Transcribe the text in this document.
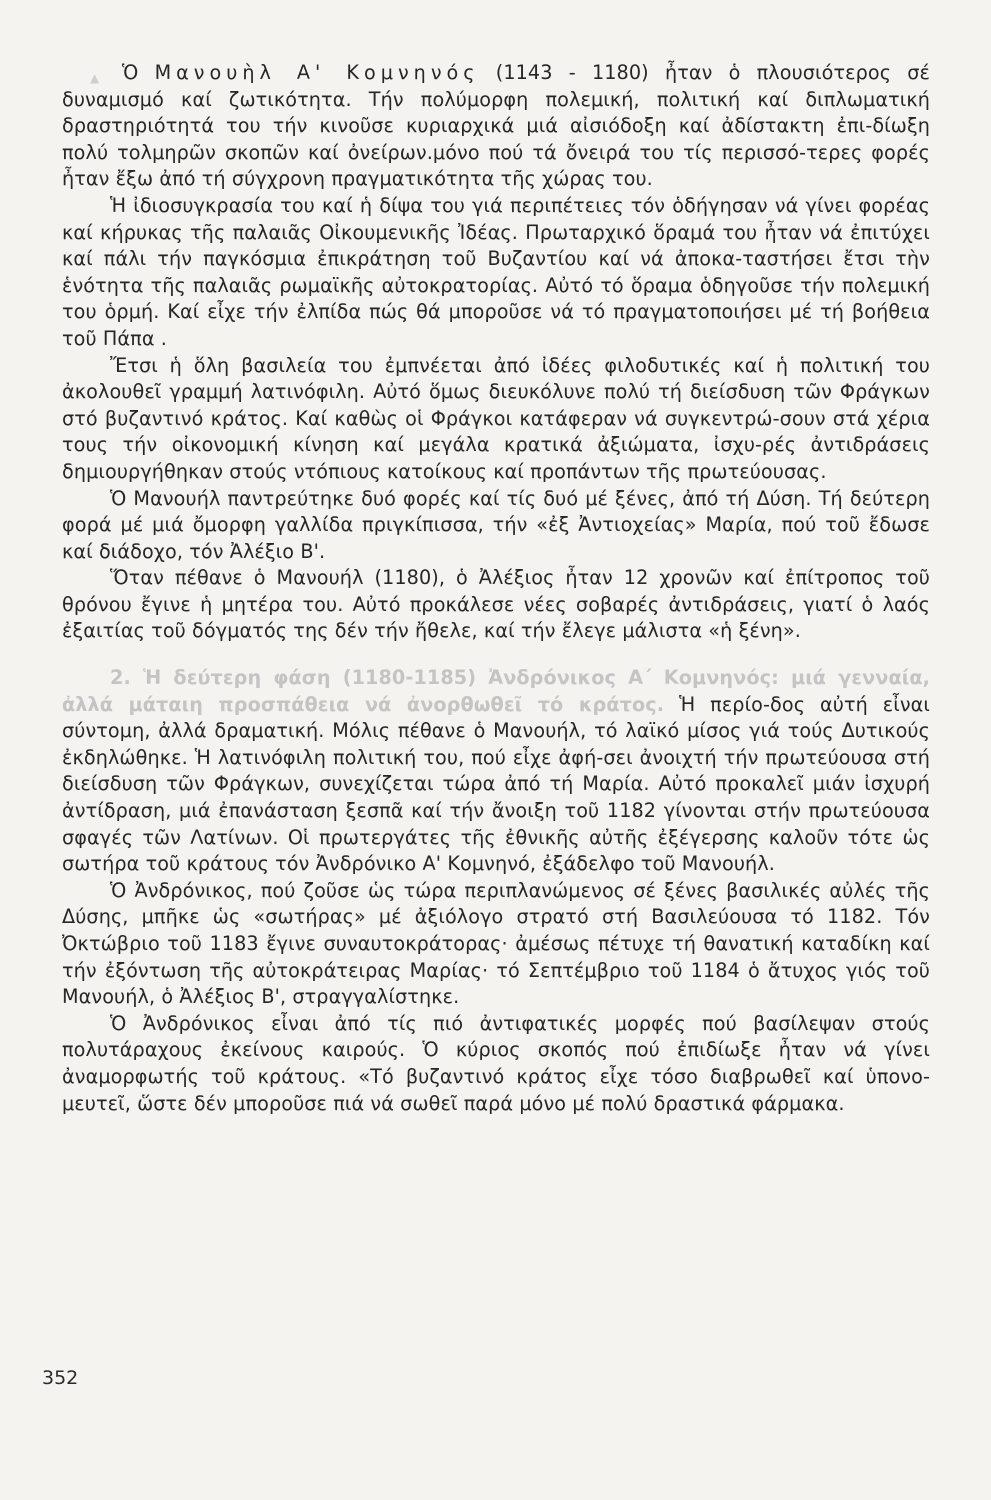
▲	Ὁ Μανουὴλ Α' Κομνηνός (1143 - 1180) ἦταν ὁ πλουσιότερος σέ δυναμισμό καί ζωτικότητα. Τήν πολύμορφη πολεμική, πολιτική καί διπλωματική δραστηριότητά του τήν κινοῦσε κυριαρχικά μιά αἰσιόδοξη καί ἀδίστακτη ἐπι-δίωξη πολύ τολμηρῶν σκοπῶν καί ὀνείρων.μόνο πού τά ὄνειρά του τίς περισσό-τερες φορές ἦταν ἔξω ἀπό τή σύγχρονη πραγματικότητα τῆς χώρας του.

Ἡ ἰδιοσυγκρασία του καί ἡ δίψα του γιά περιπέτειες τόν ὁδήγησαν νά γίνει φορέας καί κήρυκας τῆς παλαιᾶς Οἰκουμενικῆς Ἰδέας. Πρωταρχικό ὅραμά του ἦταν νά ἐπιτύχει καί πάλι τήν παγκόσμια ἐπικράτηση τοῦ Βυζαντίου καί νά ἀποκα-ταστήσει ἔτσι τὴν ἑνότητα τῆς παλαιᾶς ρωμαϊκῆς αὐτοκρατορίας. Αὐτό τό ὅραμα ὁδηγοῦσε τήν πολεμική του ὁρμή. Καί εἶχε τήν ἐλπίδα πώς θά μποροῦσε νά τό πραγματοποιήσει μέ τή βοήθεια τοῦ Πάπα .

Ἔτσι ἡ ὅλη βασιλεία του ἐμπνέεται ἀπό ἰδέες φιλοδυτικές καί ἡ πολιτική του ἀκολουθεῖ γραμμή λατινόφιλη. Αὐτό ὅμως διευκόλυνε πολύ τή διείσδυση τῶν Φράγκων στό βυζαντινό κράτος. Καί καθὼς οἱ Φράγκοι κατάφεραν νά συγκεντρώ-σουν στά χέρια τους τήν οἰκονομική κίνηση καί μεγάλα κρατικά ἀξιώματα, ἰσχυ-ρές ἀντιδράσεις δημιουργήθηκαν στούς ντόπιους κατοίκους καί προπάντων τῆς πρωτεύουσας.

Ὁ Μανουήλ παντρεύτηκε δυό φορές καί τίς δυό μέ ξένες, ἀπό τή Δύση. Τή δεύτερη φορά μέ μιά ὄμορφη γαλλίδα πριγκίπισσα, τήν «ἐξ Ἀντιοχείας» Μαρία, πού τοῦ ἔδωσε καί διάδοχο, τόν Ἀλέξιο Β'.

Ὅταν πέθανε ὁ Μανουήλ (1180), ὁ Ἀλέξιος ἦταν 12 χρονῶν καί ἐπίτροπος τοῦ θρόνου ἔγινε ἡ μητέρα του. Αὐτό προκάλεσε νέες σοβαρές ἀντιδράσεις, γιατί ὁ λαός ἐξαιτίας τοῦ δόγματός της δέν τήν ἤθελε, καί τήν ἔλεγε μάλιστα «ἡ ξένη».

2. Ἡ δεύτερη φάση (1180-1185) Ἀνδρόνικος Α΄ Κομνηνός: μιά γενναία, ἀλλά μάταιη προσπάθεια νά ἀνορθωθεῖ τό κράτος. Ἡ περίο-δος αὐτή εἶναι σύντομη, ἀλλά δραματική. Μόλις πέθανε ὁ Μανουήλ, τό λαϊκό μίσος γιά τούς Δυτικούς ἐκδηλώθηκε. Ἡ λατινόφιλη πολιτική του, πού εἶχε ἀφή-σει ἀνοιχτή τήν πρωτεύουσα στή διείσδυση τῶν Φράγκων, συνεχίζεται τώρα ἀπό τή Μαρία. Αὐτό προκαλεῖ μιάν ἰσχυρή ἀντίδραση, μιά ἐπανάσταση ξεσπᾶ καί τήν ἄνοιξη τοῦ 1182 γίνονται στήν πρωτεύουσα σφαγές τῶν Λατίνων. Οἱ πρωτεργάτες τῆς ἐθνικῆς αὐτῆς ἐξέγερσης καλοῦν τότε ὡς σωτήρα τοῦ κράτους τόν Ἀνδρόνικο Α' Κομνηνό, ἐξάδελφο τοῦ Μανουήλ.

Ὁ Ἀνδρόνικος, πού ζοῦσε ὡς τώρα περιπλανώμενος σέ ξένες βασιλικές αὐλές τῆς Δύσης, μπῆκε ὡς «σωτήρας» μέ ἀξιόλογο στρατό στή Βασιλεύουσα τό 1182. Τόν Ὀκτώβριο τοῦ 1183 ἔγινε συναυτοκράτορας· ἀμέσως πέτυχε τή θανατική καταδίκη καί τήν ἐξόντωση τῆς αὐτοκράτειρας Μαρίας· τό Σεπτέμβριο τοῦ 1184 ὁ ἄτυχος γιός τοῦ Μανουήλ, ὁ Ἀλέξιος Β', στραγγαλίστηκε.

Ὁ Ἀνδρόνικος εἶναι ἀπό τίς πιό ἀντιφατικές μορφές πού βασίλεψαν στούς πολυτάραχους ἐκείνους καιρούς. Ὁ κύριος σκοπός πού ἐπιδίωξε ἦταν νά γίνει ἀναμορφωτής τοῦ κράτους. «Τό βυζαντινό κράτος εἶχε τόσο διαβρωθεῖ καί ὑπονο-μευτεῖ, ὥστε δέν μποροῦσε πιά νά σωθεῖ παρά μόνο μέ πολύ δραστικά φάρμακα.

352
